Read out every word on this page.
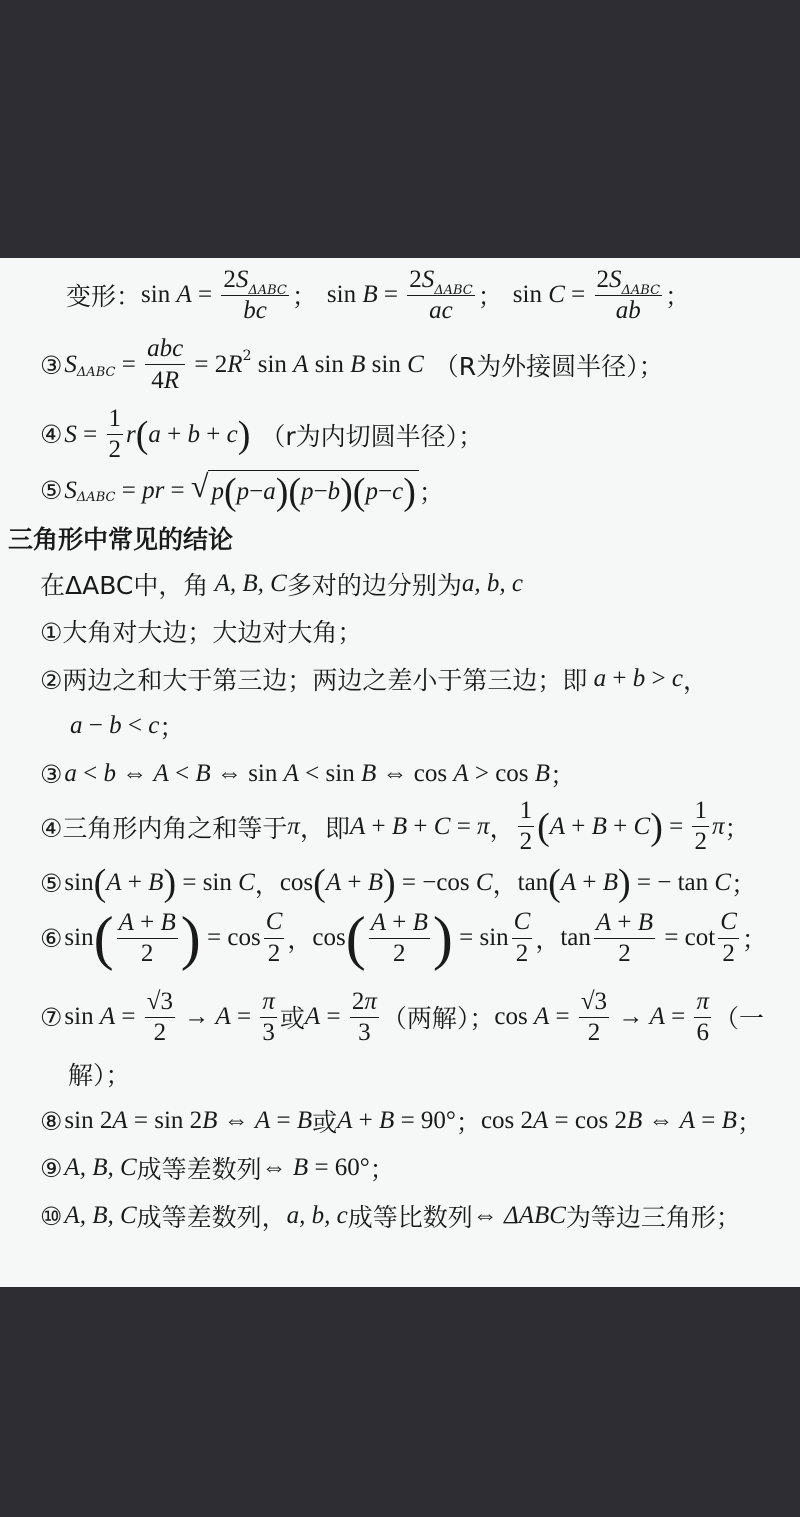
变形： $\sin A = \frac{2S_{\Delta ABC}}{bc}$ ； $\sin B = \frac{2S_{\Delta ABC}}{ac}$ ； $\sin C = \frac{2S_{\Delta ABC}}{ab}$ ；
③ S $\Delta ABC = \frac{\text{abc}}{4R} = 2$ R 2 sin A sin B sin C （R为外接圆半径）；
④ $S = \frac{1}{2}$ r ( a + b + c ) （r为内切圆半径）；
⑤ S ΔABC = pr = √ p ( p − a )( p − b )( p − c ) ；
三角形中常见的结论
在ΔABC中，角 A, B, C 多对的边分别为 a, b, c
①大角对大边；大边对大角；
②两边之和大于第三边；两边之差小于第三边；即 a + b > c ，
a − b < c ；
③ a < b ⇔ A < B ⇔ sin A < sin B ⇔ cos A > cos B ；
④三角形内角之和等于 π ，即 A + B + C = π ， $\frac{1}{2}$ ( A + B + C ) = $\frac{1}{2}$ π ；
⑤ sin ( A + B ) = sin C ， cos ( A + B ) = −cos C ， tan ( A + B ) = − tan C ；
⑥ sin ( $\frac{A + B}{2}$ ) = $\cos \frac{C}{2}$ ， cos ( $\frac{A + B}{2}$ ) = $\sin \frac{C}{2}$ ， $\tan \frac{A + B}{2} = \cot \frac{C}{2}$ ；
⑦ $\sin A = \frac{√3}{2} \to A = \frac{\pi}{3}$ 或 $A = \frac{2\pi}{3}$ （两解）； $\cos A = \frac{√3}{2} \to A = \frac{\pi}{6}$ （一
解）；
⑧ sin 2 A = sin 2 B ⇔ A = B 或 A + B = 90° ； cos 2 A = cos 2 B ⇔ A = B ；
⑨ A, B, C 成等差数列 ⇔ B = 60° ；
⑩ A, B, C 成等差数列， a, b, c 成等比数列 ⇔ ΔABC 为等边三角形；
